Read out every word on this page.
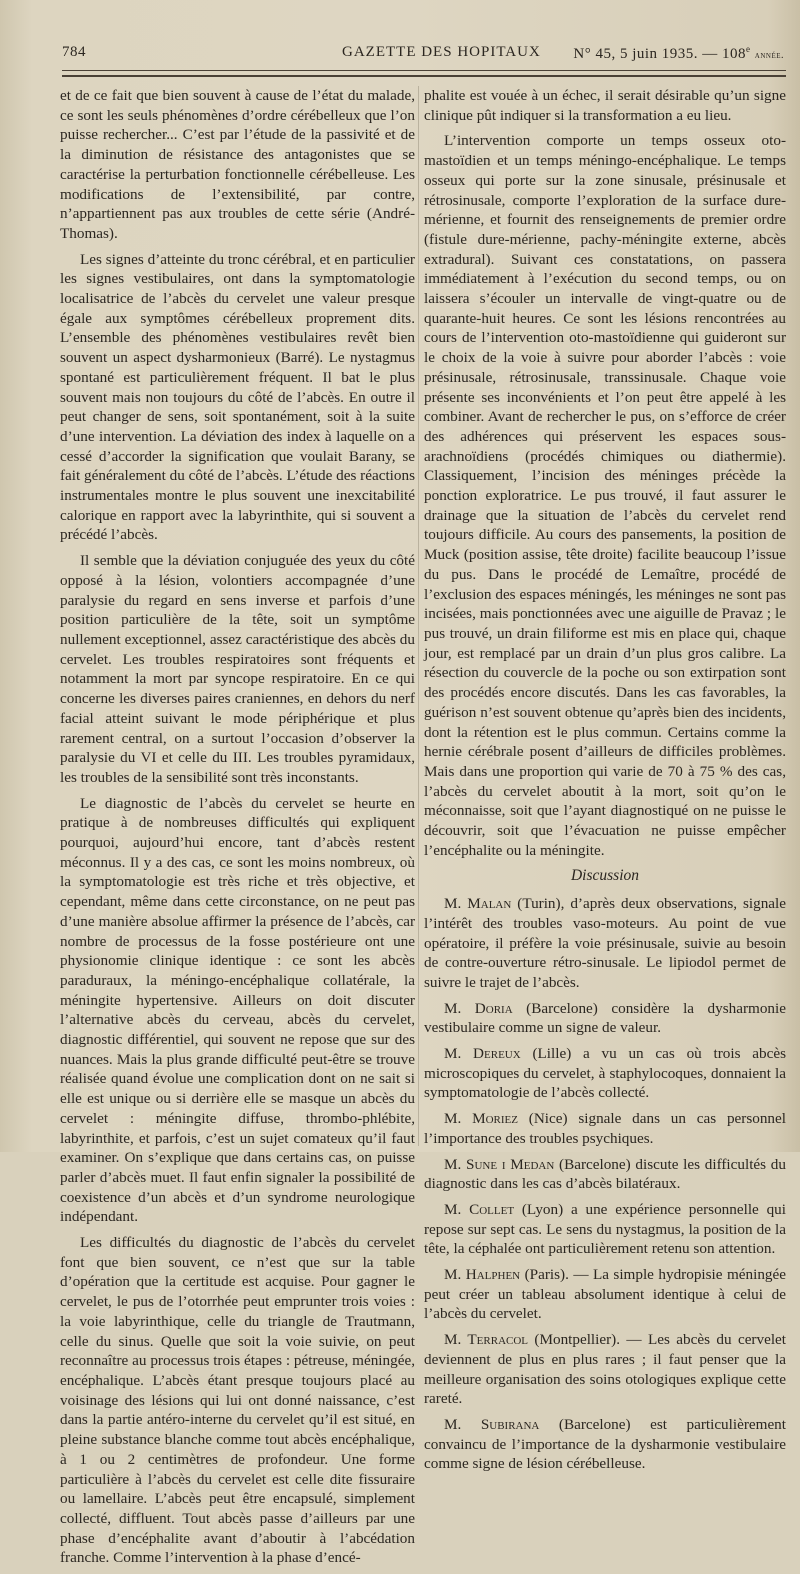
784	GAZETTE DES HOPITAUX N° 45, 5 juin 1935. — 108e année.

et de ce fait que bien souvent à cause de l’état du malade, ce sont les seuls phénomènes d’ordre cérébelleux que l’on puisse rechercher... C’est par l’étude de la passivité et de la diminution de résistance des antagonistes que se caractérise la perturbation fonctionnelle cérébelleuse. Les modifications de l’extensibilité, par contre, n’appartiennent pas aux troubles de cette série (André-Thomas).

Les signes d’atteinte du tronc cérébral, et en particulier les signes vestibulaires, ont dans la symptomatologie localisatrice de l’abcès du cervelet une valeur presque égale aux symptômes cérébelleux proprement dits. L’ensemble des phénomènes vestibulaires revêt bien souvent un aspect dysharmonieux (Barré). Le nystagmus spontané est particulièrement fréquent. Il bat le plus souvent mais non toujours du côté de l’abcès. En outre il peut changer de sens, soit spontanément, soit à la suite d’une intervention. La déviation des index à laquelle on a cessé d’accorder la signification que voulait Barany, se fait généralement du côté de l’abcès. L’étude des réactions instrumentales montre le plus souvent une inexcitabilité calorique en rapport avec la labyrinthite, qui si souvent a précédé l’abcès.

Il semble que la déviation conjuguée des yeux du côté opposé à la lésion, volontiers accompagnée d’une paralysie du regard en sens inverse et parfois d’une position particulière de la tête, soit un symptôme nullement exceptionnel, assez caractéristique des abcès du cervelet. Les troubles respiratoires sont fréquents et notamment la mort par syncope respiratoire. En ce qui concerne les diverses paires craniennes, en dehors du nerf facial atteint suivant le mode périphérique et plus rarement central, on a surtout l’occasion d’observer la paralysie du VI et celle du III. Les troubles pyramidaux, les troubles de la sensibilité sont très inconstants.

Le diagnostic de l’abcès du cervelet se heurte en pratique à de nombreuses difficultés qui expliquent pourquoi, aujourd’hui encore, tant d’abcès restent méconnus. Il y a des cas, ce sont les moins nombreux, où la symptomatologie est très riche et très objective, et cependant, même dans cette circonstance, on ne peut pas d’une manière absolue affirmer la présence de l’abcès, car nombre de processus de la fosse postérieure ont une physionomie clinique identique : ce sont les abcès paraduraux, la méningo-encéphalique collatérale, la méningite hypertensive. Ailleurs on doit discuter l’alternative abcès du cerveau, abcès du cervelet, diagnostic différentiel, qui souvent ne repose que sur des nuances. Mais la plus grande difficulté peut-être se trouve réalisée quand évolue une complication dont on ne sait si elle est unique ou si derrière elle se masque un abcès du cervelet : méningite diffuse, thrombo-phlébite, labyrinthite, et parfois, c’est un sujet comateux qu’il faut examiner. On s’explique que dans certains cas, on puisse parler d’abcès muet. Il faut enfin signaler la possibilité de coexistence d’un abcès et d’un syndrome neurologique indépendant.

Les difficultés du diagnostic de l’abcès du cervelet font que bien souvent, ce n’est que sur la table d’opération que la certitude est acquise. Pour gagner le cervelet, le pus de l’otorrhée peut emprunter trois voies : la voie labyrinthique, celle du triangle de Trautmann, celle du sinus. Quelle que soit la voie suivie, on peut reconnaître au processus trois étapes : pétreuse, méningée, encéphalique. L’abcès étant presque toujours placé au voisinage des lésions qui lui ont donné naissance, c’est dans la partie antéro-interne du cervelet qu’il est situé, en pleine substance blanche comme tout abcès encéphalique, à 1 ou 2 centimètres de profondeur. Une forme particulière à l’abcès du cervelet est celle dite fissuraire ou lamellaire. L’abcès peut être encapsulé, simplement collecté, diffluent. Tout abcès passe d’ailleurs par une phase d’encéphalite avant d’aboutir à l’abcédation franche. Comme l’intervention à la phase d’encé-

phalite est vouée à un échec, il serait désirable qu’un signe clinique pût indiquer si la transformation a eu lieu.

L’intervention comporte un temps osseux oto-mastoïdien et un temps méningo-encéphalique. Le temps osseux qui porte sur la zone sinusale, présinusale et rétrosinusale, comporte l’exploration de la surface dure-mérienne, et fournit des renseignements de premier ordre (fistule dure-mérienne, pachy-méningite externe, abcès extradural). Suivant ces constatations, on passera immédiatement à l’exécution du second temps, ou on laissera s’écouler un intervalle de vingt-quatre ou de quarante-huit heures. Ce sont les lésions rencontrées au cours de l’intervention oto-mastoïdienne qui guideront sur le choix de la voie à suivre pour aborder l’abcès : voie présinusale, rétrosinusale, transsinusale. Chaque voie présente ses inconvénients et l’on peut être appelé à les combiner. Avant de rechercher le pus, on s’efforce de créer des adhérences qui préservent les espaces sous-arachnoïdiens (procédés chimiques ou diathermie). Classiquement, l’incision des méninges précède la ponction exploratrice. Le pus trouvé, il faut assurer le drainage que la situation de l’abcès du cervelet rend toujours difficile. Au cours des pansements, la position de Muck (position assise, tête droite) facilite beaucoup l’issue du pus. Dans le procédé de Lemaître, procédé de l’exclusion des espaces méningés, les méninges ne sont pas incisées, mais ponctionnées avec une aiguille de Pravaz ; le pus trouvé, un drain filiforme est mis en place qui, chaque jour, est remplacé par un drain d’un plus gros calibre. La résection du couvercle de la poche ou son extirpation sont des procédés encore discutés. Dans les cas favorables, la guérison n’est souvent obtenue qu’après bien des incidents, dont la rétention est le plus commun. Certains comme la hernie cérébrale posent d’ailleurs de difficiles problèmes. Mais dans une proportion qui varie de 70 à 75 % des cas, l’abcès du cervelet aboutit à la mort, soit qu’on le méconnaisse, soit que l’ayant diagnostiqué on ne puisse le découvrir, soit que l’évacuation ne puisse empêcher l’encéphalite ou la méningite.

Discussion

M. Malan (Turin), d’après deux observations, signale l’intérêt des troubles vaso-moteurs. Au point de vue opératoire, il préfère la voie présinusale, suivie au besoin de contre-ouverture rétro-sinusale. Le lipiodol permet de suivre le trajet de l’abcès.

M. Doria (Barcelone) considère la dysharmonie vestibulaire comme un signe de valeur.

M. Dereux (Lille) a vu un cas où trois abcès microscopiques du cervelet, à staphylocoques, donnaient la symptomatologie de l’abcès collecté.

M. Moriez (Nice) signale dans un cas personnel l’importance des troubles psychiques.

M. Sune i Medan (Barcelone) discute les difficultés du diagnostic dans les cas d’abcès bilatéraux.

M. Collet (Lyon) a une expérience personnelle qui repose sur sept cas. Le sens du nystagmus, la position de la tête, la céphalée ont particulièrement retenu son attention.

M. Halphen (Paris). — La simple hydropisie méningée peut créer un tableau absolument identique à celui de l’abcès du cervelet.

M. Terracol (Montpellier). — Les abcès du cervelet deviennent de plus en plus rares ; il faut penser que la meilleure organisation des soins otologiques explique cette rareté.

M. Subirana (Barcelone) est particulièrement convaincu de l’importance de la dysharmonie vestibulaire comme signe de lésion cérébelleuse.
